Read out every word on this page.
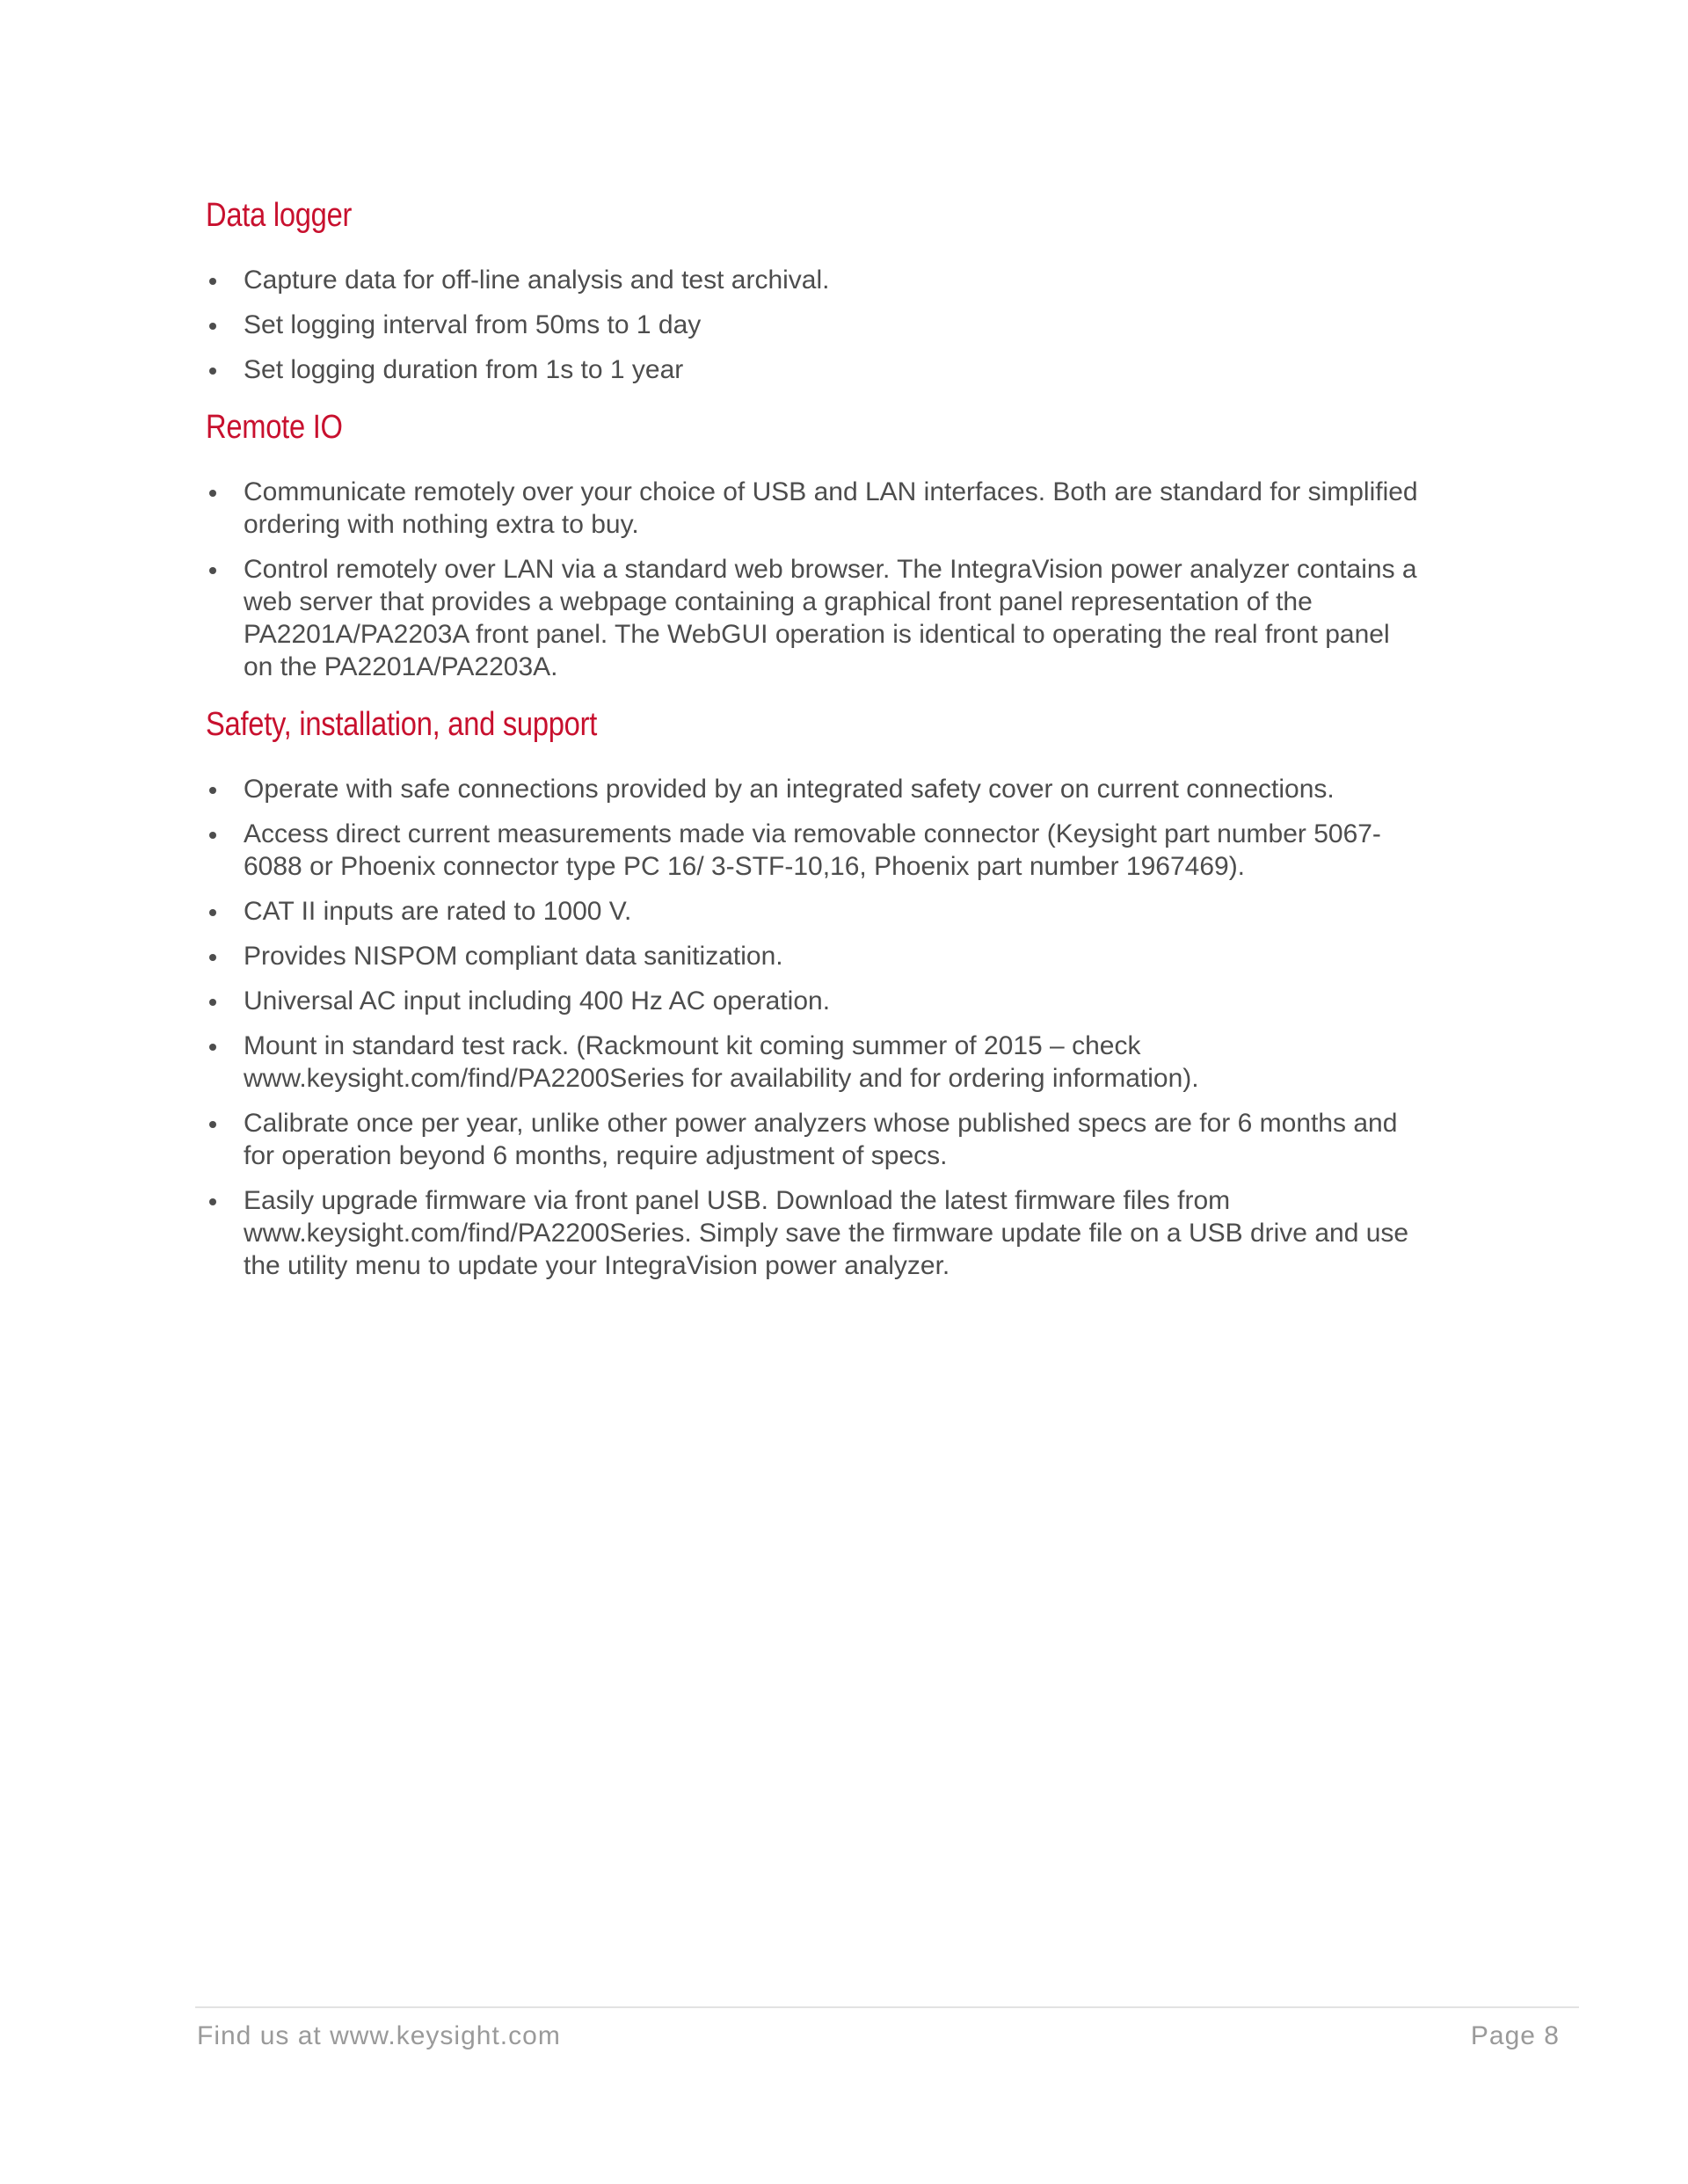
Data logger
Capture data for off-line analysis and test archival.
Set logging interval from 50ms to 1 day
Set logging duration from 1s to 1 year
Remote IO
Communicate remotely over your choice of USB and LAN interfaces. Both are standard for simplified ordering with nothing extra to buy.
Control remotely over LAN via a standard web browser. The IntegraVision power analyzer contains a web server that provides a webpage containing a graphical front panel representation of the PA2201A/PA2203A front panel. The WebGUI operation is identical to operating the real front panel on the PA2201A/PA2203A.
Safety, installation, and support
Operate with safe connections provided by an integrated safety cover on current connections.
Access direct current measurements made via removable connector (Keysight part number 5067-6088 or Phoenix connector type PC 16/ 3-STF-10,16, Phoenix part number 1967469).
CAT II inputs are rated to 1000 V.
Provides NISPOM compliant data sanitization.
Universal AC input including 400 Hz AC operation.
Mount in standard test rack. (Rackmount kit coming summer of 2015 – check www.keysight.com/find/PA2200Series for availability and for ordering information).
Calibrate once per year, unlike other power analyzers whose published specs are for 6 months and for operation beyond 6 months, require adjustment of specs.
Easily upgrade firmware via front panel USB. Download the latest firmware files from www.keysight.com/find/PA2200Series. Simply save the firmware update file on a USB drive and use the utility menu to update your IntegraVision power analyzer.
Find us at www.keysight.com	Page 8
